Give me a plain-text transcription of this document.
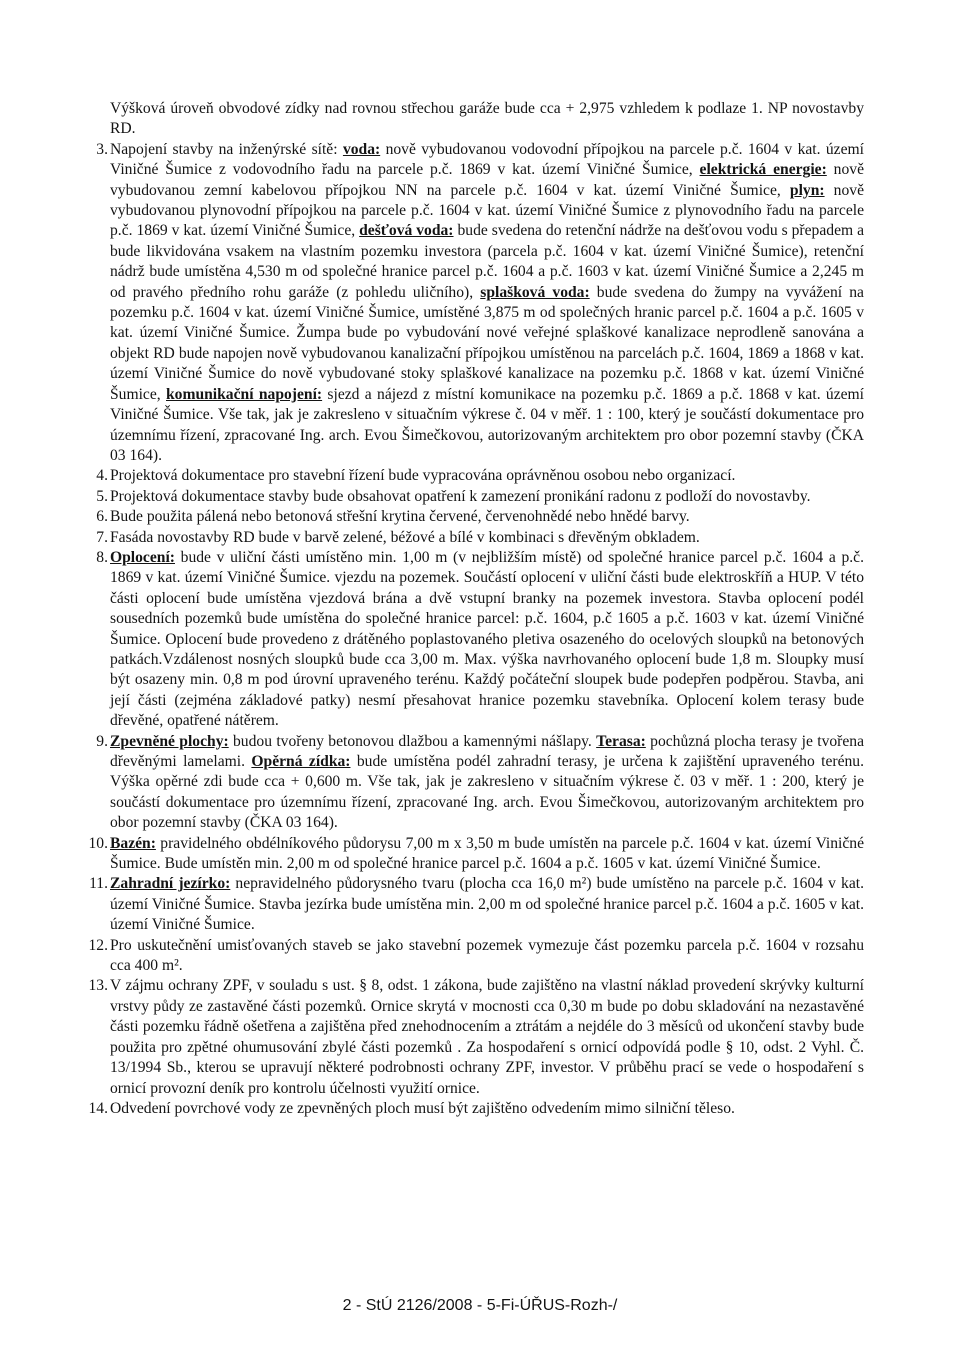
Výšková úroveň obvodové zídky nad rovnou střechou garáže bude cca + 2,975 vzhledem k podlaze 1. NP novostavby RD.

3. Napojení stavby na inženýrské sítě: voda: nově vybudovanou vodovodní přípojkou na parcele p.č. 1604 v kat. území Viničné Šumice z vodovodního řadu na parcele p.č. 1869 v kat. území Viničné Šumice, elektrická energie: nově vybudovanou zemní kabelovou přípojkou NN na parcele p.č. 1604 v kat. území Viničné Šumice, plyn: nově vybudovanou plynovodní přípojkou na parcele p.č. 1604 v kat. území Viničné Šumice z plynovodního řadu na parcele p.č. 1869 v kat. území Viničné Šumice, dešťová voda: bude svedena do retenční nádrže na dešťovou vodu s přepadem a bude likvidována vsakem na vlastním pozemku investora (parcela p.č. 1604 v kat. území Viničné Šumice), retenční nádrž bude umístěna 4,530 m od společné hranice parcel p.č. 1604 a p.č. 1603 v kat. území Viničné Šumice a 2,245 m od pravého předního rohu garáže (z pohledu uličního), splašková voda: bude svedena do žumpy na vyvážení na pozemku p.č. 1604 v kat. území Viničné Šumice, umístěné 3,875 m od společných hranic parcel p.č. 1604 a p.č. 1605 v kat. území Viničné Šumice. Žumpa bude po vybudování nové veřejné splaškové kanalizace neprodleně sanována a objekt RD bude napojen nově vybudovanou kanalizační přípojkou umístěnou na parcelách p.č. 1604, 1869 a 1868 v kat. území Viničné Šumice do nově vybudované stoky splaškové kanalizace na pozemku p.č. 1868 v kat. území Viničné Šumice, komunikační napojení: sjezd a nájezd z místní komunikace na pozemku p.č. 1869 a p.č. 1868 v kat. území Viničné Šumice. Vše tak, jak je zakresleno v situačním výkrese č. 04 v měř. 1 : 100, který je součástí dokumentace pro územnímu řízení, zpracované Ing. arch. Evou Šimečkovou, autorizovaným architektem pro obor pozemní stavby (ČKA 03 164).

4. Projektová dokumentace pro stavební řízení bude vypracována oprávněnou osobou nebo organizací.

5. Projektová dokumentace stavby bude obsahovat opatření k zamezení pronikání radonu z podloží do novostavby.

6. Bude použita pálená nebo betonová střešní krytina červené, červenohnědé nebo hnědé barvy.

7. Fasáda novostavby RD bude v barvě zelené, béžové a bílé v kombinaci s dřevěným obkladem.

8. Oplocení: bude v uliční části umístěno min. 1,00 m (v nejbližším místě) od společné hranice parcel p.č. 1604 a p.č. 1869 v kat. území Viničné Šumice. vjezdu na pozemek. Součástí oplocení v uliční části bude elektroskříň a HUP. V této části oplocení bude umístěna vjezdová brána a dvě vstupní branky na pozemek investora. Stavba oplocení podél sousedních pozemků bude umístěna do společné hranice parcel: p.č. 1604, p.č 1605 a p.č. 1603 v kat. území Viničné Šumice. Oplocení bude provedeno z drátěného poplastovaného pletiva osazeného do ocelových sloupků na betonových patkách.Vzdálenost nosných sloupků bude cca 3,00 m. Max. výška navrhovaného oplocení bude 1,8 m. Sloupky musí být osazeny min. 0,8 m pod úrovní upraveného terénu. Každý počáteční sloupek bude podepřen podpěrou. Stavba, ani její části (zejména základové patky) nesmí přesahovat hranice pozemku stavebníka. Oplocení kolem terasy bude dřevěné, opatřené nátěrem.

9. Zpevněné plochy: budou tvořeny betonovou dlažbou a kamennými nášlapy. Terasa: pochůzná plocha terasy je tvořena dřevěnými lamelami. Opěrná zídka: bude umístěna podél zahradní terasy, je určena k zajištění upraveného terénu. Výška opěrné zdi bude cca + 0,600 m. Vše tak, jak je zakresleno v situačním výkrese č. 03 v měř. 1 : 200, který je součástí dokumentace pro územnímu řízení, zpracované Ing. arch. Evou Šimečkovou, autorizovaným architektem pro obor pozemní stavby (ČKA 03 164).

10. Bazén: pravidelného obdélníkového půdorysu 7,00 m x 3,50 m bude umístěn na parcele p.č. 1604 v kat. území Viničné Šumice. Bude umístěn min. 2,00 m od společné hranice parcel p.č. 1604 a p.č. 1605 v kat. území Viničné Šumice.

11. Zahradní jezírko: nepravidelného půdorysného tvaru (plocha cca 16,0 m²) bude umístěno na parcele p.č. 1604 v kat. území Viničné Šumice. Stavba jezírka bude umístěna min. 2,00 m od společné hranice parcel p.č. 1604 a p.č. 1605 v kat. území Viničné Šumice.

12. Pro uskutečnění umisťovaných staveb se jako stavební pozemek vymezuje část pozemku parcela p.č. 1604 v rozsahu cca 400 m².

13. V zájmu ochrany ZPF, v souladu s ust. § 8, odst. 1 zákona, bude zajištěno na vlastní náklad provedení skrývky kulturní vrstvy půdy ze zastavěné části pozemků. Ornice skrytá v mocnosti cca 0,30 m bude po dobu skladování na nezastavěné části pozemku řádně ošetřena a zajištěna před znehodnocením a ztrátám a nejdéle do 3 měsíců od ukončení stavby bude použita pro zpětné ohumusování zbylé části pozemků . Za hospodaření s ornicí odpovídá podle § 10, odst. 2 Vyhl. Č. 13/1994 Sb., kterou se upravují některé podrobnosti ochrany ZPF, investor. V průběhu prací se vede o hospodaření s ornicí provozní deník pro kontrolu účelnosti využití ornice.

14. Odvedení povrchové vody ze zpevněných ploch musí být zajištěno odvedením mimo silniční těleso.

2 - StÚ 2126/2008 - 5-Fi-ÚŘUS-Rozh-/
